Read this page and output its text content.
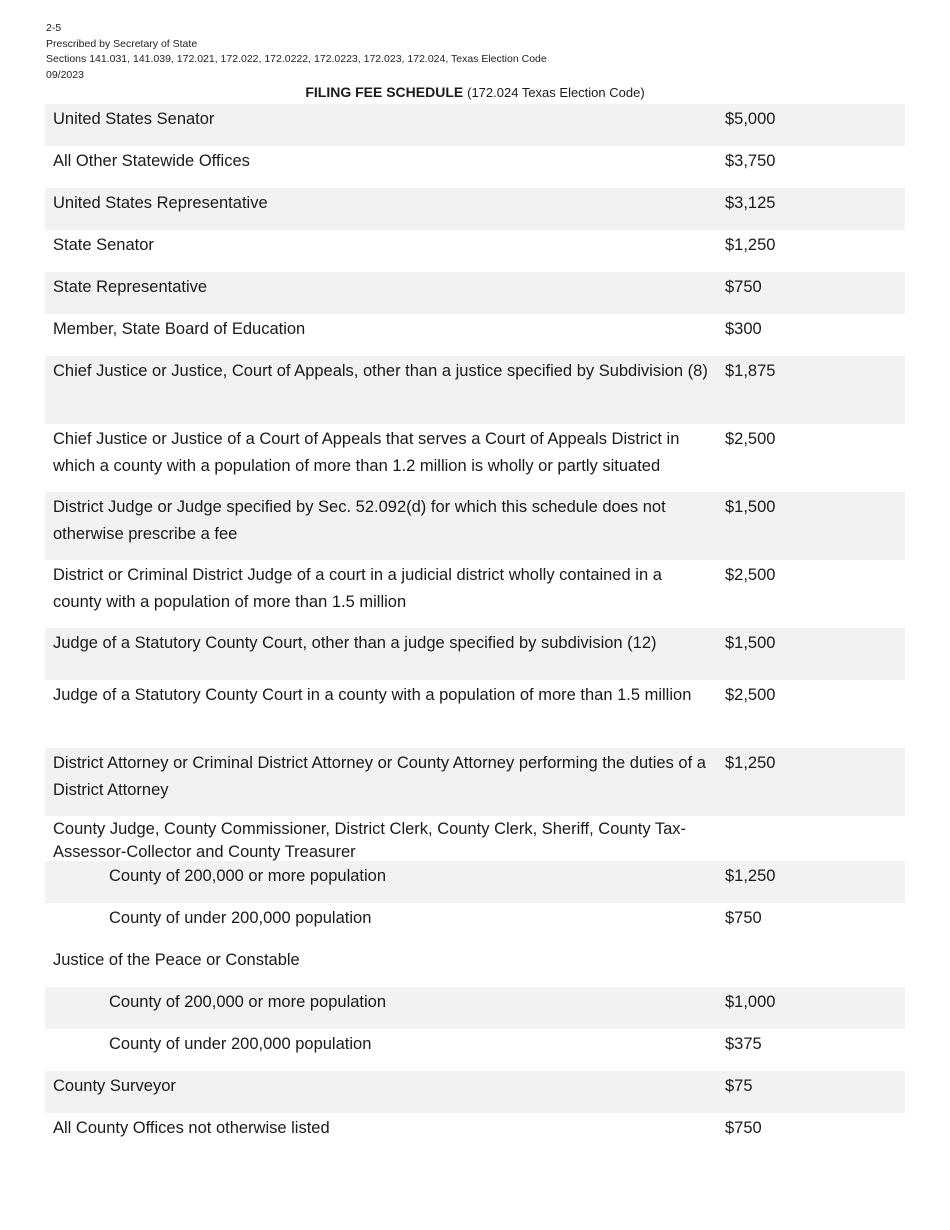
2-5
Prescribed by Secretary of State
Sections 141.031, 141.039, 172.021, 172.022, 172.0222, 172.0223, 172.023, 172.024, Texas Election Code
09/2023
FILING FEE SCHEDULE (172.024 Texas Election Code)
United States Senator	$5,000
All Other Statewide Offices	$3,750
United States Representative	$3,125
State Senator	$1,250
State Representative	$750
Member, State Board of Education	$300
Chief Justice or Justice, Court of Appeals, other than a justice specified by Subdivision (8)	$1,875
Chief Justice or Justice of a Court of Appeals that serves a Court of Appeals District in which a county with a population of more than 1.2 million is wholly or partly situated
$2,500
District Judge or Judge specified by Sec. 52.092(d) for which this schedule does not otherwise prescribe a fee
$1,500
District or Criminal District Judge of a court in a judicial district wholly contained in a county with a population of more than 1.5 million
$2,500
Judge of a Statutory County Court, other than a judge specified by subdivision (12)	$1,500
Judge of a Statutory County Court in a county with a population of more than 1.5 million	$2,500
District Attorney or Criminal District Attorney or County Attorney performing the duties of a District Attorney
$1,250
County Judge, County Commissioner, District Clerk, County Clerk, Sheriff, County Tax-Assessor-Collector and County Treasurer
County of 200,000 or more population	$1,250
County of under 200,000 population	$750
Justice of the Peace or Constable
County of 200,000 or more population	$1,000
County of under 200,000 population	$375
County Surveyor	$75
All County Offices not otherwise listed	$750
